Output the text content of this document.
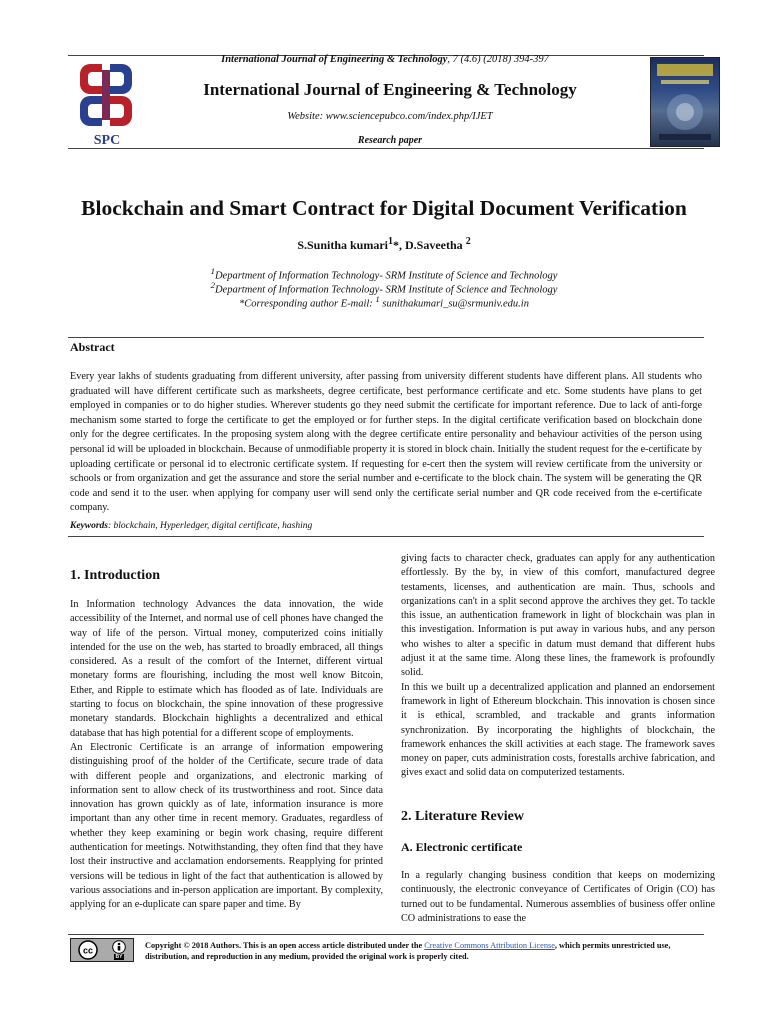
International Journal of Engineering & Technology, 7 (4.6) (2018) 394-397
SPC
International Journal of Engineering & Technology
Website: www.sciencepubco.com/index.php/IJET
Research paper
Blockchain and Smart Contract for Digital Document Verification
S.Sunitha kumari$^1$*, D.Saveetha $^2$
$^1$Department of Information Technology- SRM Institute of Science and Technology
$^2$Department of Information Technology- SRM Institute of Science and Technology
*Corresponding author E-mail: $^1$ sunithakumari_su@srmuniv.edu.in
Abstract
Every year lakhs of students graduating from different university, after passing from university different students have different plans. All students who graduated will have different certificate such as marksheets, degree certificate, best performance certificate and etc. Some students have plans to get employed in companies or to do higher studies. Wherever students go they need submit the certificate for important reference. Due to lack of anti-forge mechanism some started to forge the certificate to get the employed or for further steps. In the digital certificate verification based on blockchain done only for the degree certificates. In the proposing system along with the degree certificate entire personality and behaviour activities of the person using personal id will be uploaded in blockchain. Because of unmodifiable property it is stored in block chain. Initially the student request for the e-certificate by uploading certificate or personal id to electronic certificate system. If requesting for e-cert then the system will review certificate from the university or schools or from organization and get the assurance and store the serial number and e-certificate to the block chain. The system will be generating the QR code and send it to the user. when applying for company user will send only the certificate serial number and QR code received from the e-certificate company.
Keywords: blockchain, Hyperledger, digital certificate, hashing
1. Introduction

In Information technology Advances the data innovation, the wide accessibility of the Internet, and normal use of cell phones have changed the way of life of the person. Virtual money, computerized coins initially intended for the use on the web, has started to broadly embraced, all things considered. As a result of the comfort of the Internet, different virtual monetary forms are flourishing, including the most well know Bitcoin, Ether, and Ripple to estimate which has flooded as of late. Individuals are starting to focus on blockchain, the spine innovation of these progressive monetary standards. Blockchain highlights a decentralized and ethical database that has high potential for a different scope of employments.

An Electronic Certificate is an arrange of information empowering distinguishing proof of the holder of the Certificate, secure trade of data with different people and organizations, and electronic marking of information sent to allow check of its trustworthiness and root. Since data innovation has grown quickly as of late, information insurance is more important than any other time in recent memory. Graduates, regardless of whether they keep examining or begin work chasing, require different authentication for meetings. Notwithstanding, they often find that they have lost their instructive and acclamation endorsements. Reapplying for printed versions will be tedious in light of the fact that authentication is allowed by various associations and in-person application are important. By complexity, applying for an e-duplicate can spare paper and time. By

giving facts to character check, graduates can apply for any authentication effortlessly. By the by, in view of this comfort, manufactured degree testaments, licenses, and authentication are main. Thus, schools and organizations can't in a split second approve the archives they get. To tackle this issue, an authentication framework in light of blockchain was plan in this investigation. Information is put away in various hubs, and any person who wishes to alter a specific in datum must demand that different hubs adjust it at the same time. Along these lines, the framework is profoundly solid.

In this we built up a decentralized application and planned an endorsement framework in light of Ethereum blockchain. This innovation is chosen since it is ethical, scrambled, and trackable and grants information synchronization. By incorporating the highlights of blockchain, the framework enhances the skill activities at each stage. The framework saves money on paper, cuts administration costs, forestalls archive fabrication, and gives exact and solid data on computerized testaments.

2. Literature Review
A. Electronic certificate

In a regularly changing business condition that keeps on modernizing continuously, the electronic conveyance of Certificates of Origin (CO) has turned out to be fundamental. Numerous assemblies of business offer online CO administrations to ease the

cc
BY
Copyright © 2018 Authors. This is an open access article distributed under the Creative Commons Attribution License, which permits unrestricted use, distribution, and reproduction in any medium, provided the original work is properly cited.
